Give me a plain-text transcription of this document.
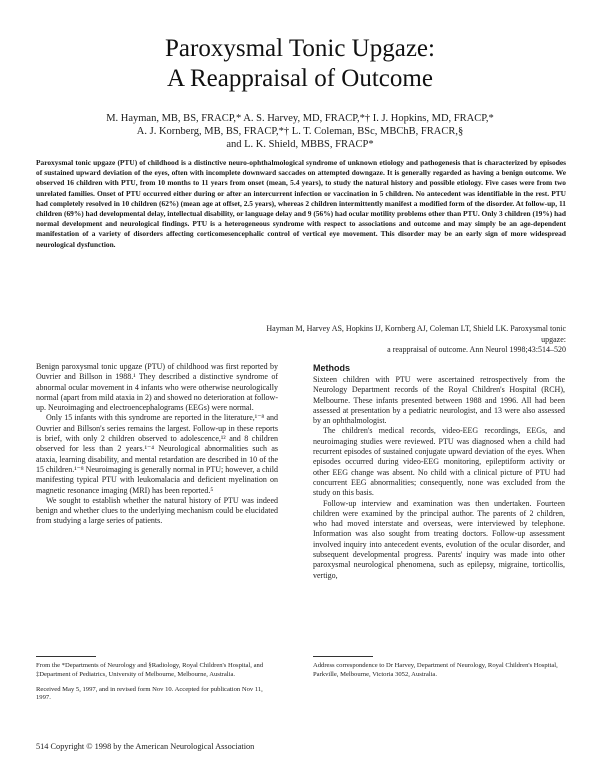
Paroxysmal Tonic Upgaze:
A Reappraisal of Outcome
M. Hayman, MB, BS, FRACP,* A. S. Harvey, MD, FRACP,*† I. J. Hopkins, MD, FRACP,*
A. J. Kornberg, MB, BS, FRACP,*† L. T. Coleman, BSc, MBChB, FRACR,§
and L. K. Shield, MBBS, FRACP*
Paroxysmal tonic upgaze (PTU) of childhood is a distinctive neuro-ophthalmological syndrome of unknown etiology and pathogenesis that is characterized by episodes of sustained upward deviation of the eyes, often with incomplete downward saccades on attempted downgaze. It is generally regarded as having a benign outcome. We observed 16 children with PTU, from 10 months to 11 years from onset (mean, 5.4 years), to study the natural history and possible etiology. Five cases were from two unrelated families. Onset of PTU occurred either during or after an intercurrent infection or vaccination in 5 children. No antecedent was identifiable in the rest. PTU had completely resolved in 10 children (62%) (mean age at offset, 2.5 years), whereas 2 children intermittently manifest a modified form of the disorder. At follow-up, 11 children (69%) had developmental delay, intellectual disability, or language delay and 9 (56%) had ocular motility problems other than PTU. Only 3 children (19%) had normal development and neurological findings. PTU is a heterogeneous syndrome with respect to associations and outcome and may simply be an age-dependent manifestation of a variety of disorders affecting corticomesencephalic control of vertical eye movement. This disorder may be an early sign of more widespread neurological dysfunction.
Hayman M, Harvey AS, Hopkins IJ, Kornberg AJ, Coleman LT, Shield LK. Paroxysmal tonic upgaze:
a reappraisal of outcome. Ann Neurol 1998;43:514–520

Benign paroxysmal tonic upgaze (PTU) of childhood was first reported by Ouvrier and Billson in 1988.¹ They described a distinctive syndrome of abnormal ocular movement in 4 infants who were otherwise neurologically normal (apart from mild ataxia in 2) and showed no deterioration at follow-up. Neuroimaging and electroencephalograms (EEGs) were normal.

Only 15 infants with this syndrome are reported in the literature,¹⁻⁸ and Ouvrier and Billson's series remains the largest. Follow-up in these reports is brief, with only 2 children observed to adolescence,¹² and 8 children observed for less than 2 years.¹⁻⁴ Neurological abnormalities such as ataxia, learning disability, and mental retardation are described in 10 of the 15 children.¹⁻⁸ Neuroimaging is generally normal in PTU; however, a child manifesting typical PTU with leukomalacia and deficient myelination on magnetic resonance imaging (MRI) has been reported.⁵

We sought to establish whether the natural history of PTU was indeed benign and whether clues to the underlying mechanism could be elucidated from studying a large series of patients.

Methods

Sixteen children with PTU were ascertained retrospectively from the Neurology Department records of the Royal Children's Hospital (RCH), Melbourne. These infants presented between 1988 and 1996. All had been assessed at presentation by a pediatric neurologist, and 13 were also assessed by an ophthalmologist.

The children's medical records, video-EEG recordings, EEGs, and neuroimaging studies were reviewed. PTU was diagnosed when a child had recurrent episodes of sustained conjugate upward deviation of the eyes. When episodes occurred during video-EEG monitoring, epileptiform activity or other EEG change was absent. No child with a clinical picture of PTU had concurrent EEG abnormalities; consequently, none was excluded from the study on this basis.

Follow-up interview and examination was then undertaken. Fourteen children were examined by the principal author. The parents of 2 children, who had moved interstate and overseas, were interviewed by telephone. Information was also sought from treating doctors. Follow-up assessment involved inquiry into antecedent events, evolution of the ocular disorder, and subsequent developmental progress. Parents' inquiry was made into other paroxysmal neurological phenomena, such as epilepsy, migraine, torticollis, vertigo,

From the *Departments of Neurology and §Radiology, Royal Children's Hospital, and ‡Department of Pediatrics, University of Melbourne, Melbourne, Australia.

Received May 5, 1997, and in revised form Nov 10. Accepted for publication Nov 11, 1997.

Address correspondence to Dr Harvey, Department of Neurology, Royal Children's Hospital, Parkville, Melbourne, Victoria 3052, Australia.

514 Copyright © 1998 by the American Neurological Association
